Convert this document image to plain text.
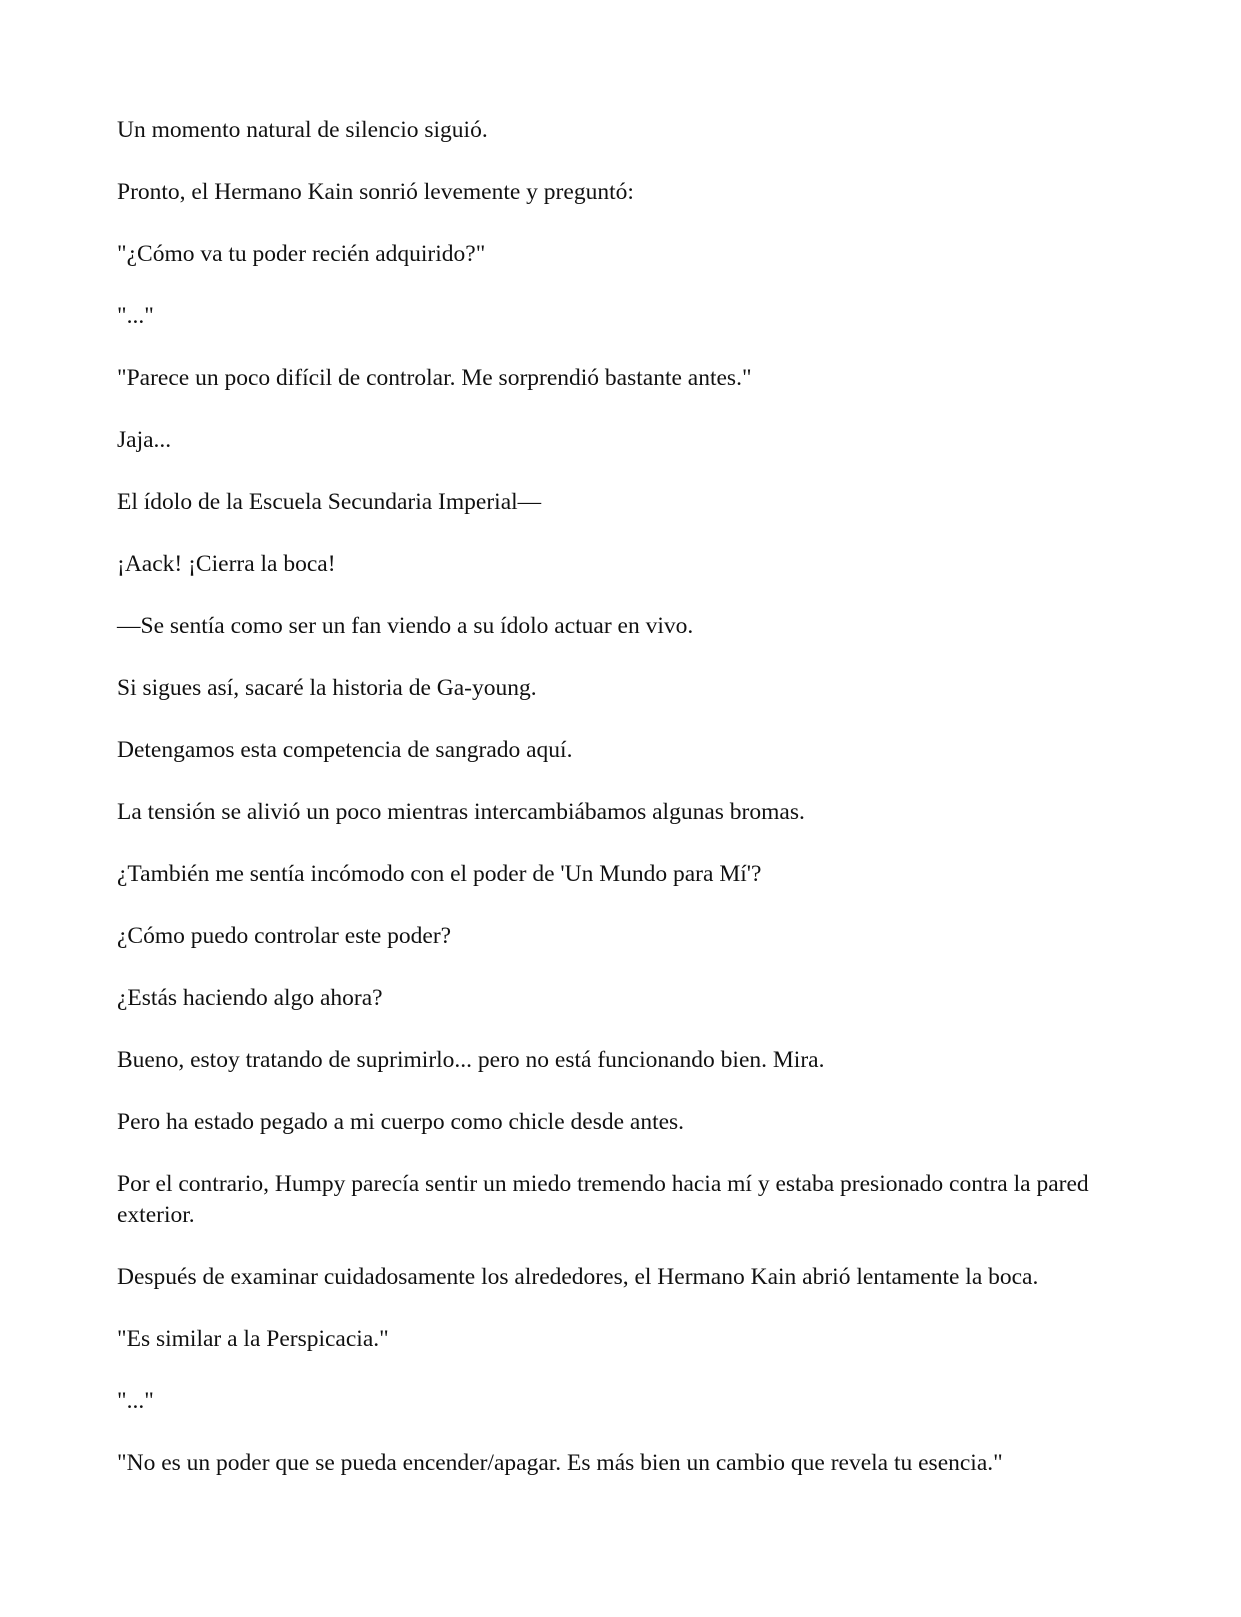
Un momento natural de silencio siguió.

Pronto, el Hermano Kain sonrió levemente y preguntó:

"¿Cómo va tu poder recién adquirido?"

"..."

"Parece un poco difícil de controlar. Me sorprendió bastante antes."

Jaja...

El ídolo de la Escuela Secundaria Imperial—

¡Aack! ¡Cierra la boca!

—Se sentía como ser un fan viendo a su ídolo actuar en vivo.

Si sigues así, sacaré la historia de Ga-young.

Detengamos esta competencia de sangrado aquí.

La tensión se alivió un poco mientras intercambiábamos algunas bromas.

¿También me sentía incómodo con el poder de 'Un Mundo para Mí'?

¿Cómo puedo controlar este poder?

¿Estás haciendo algo ahora?

Bueno, estoy tratando de suprimirlo... pero no está funcionando bien. Mira.

Pero ha estado pegado a mi cuerpo como chicle desde antes.

Por el contrario, Humpy parecía sentir un miedo tremendo hacia mí y estaba presionado contra la pared exterior.

Después de examinar cuidadosamente los alrededores, el Hermano Kain abrió lentamente la boca.

"Es similar a la Perspicacia."

"..."

"No es un poder que se pueda encender/apagar. Es más bien un cambio que revela tu esencia."
